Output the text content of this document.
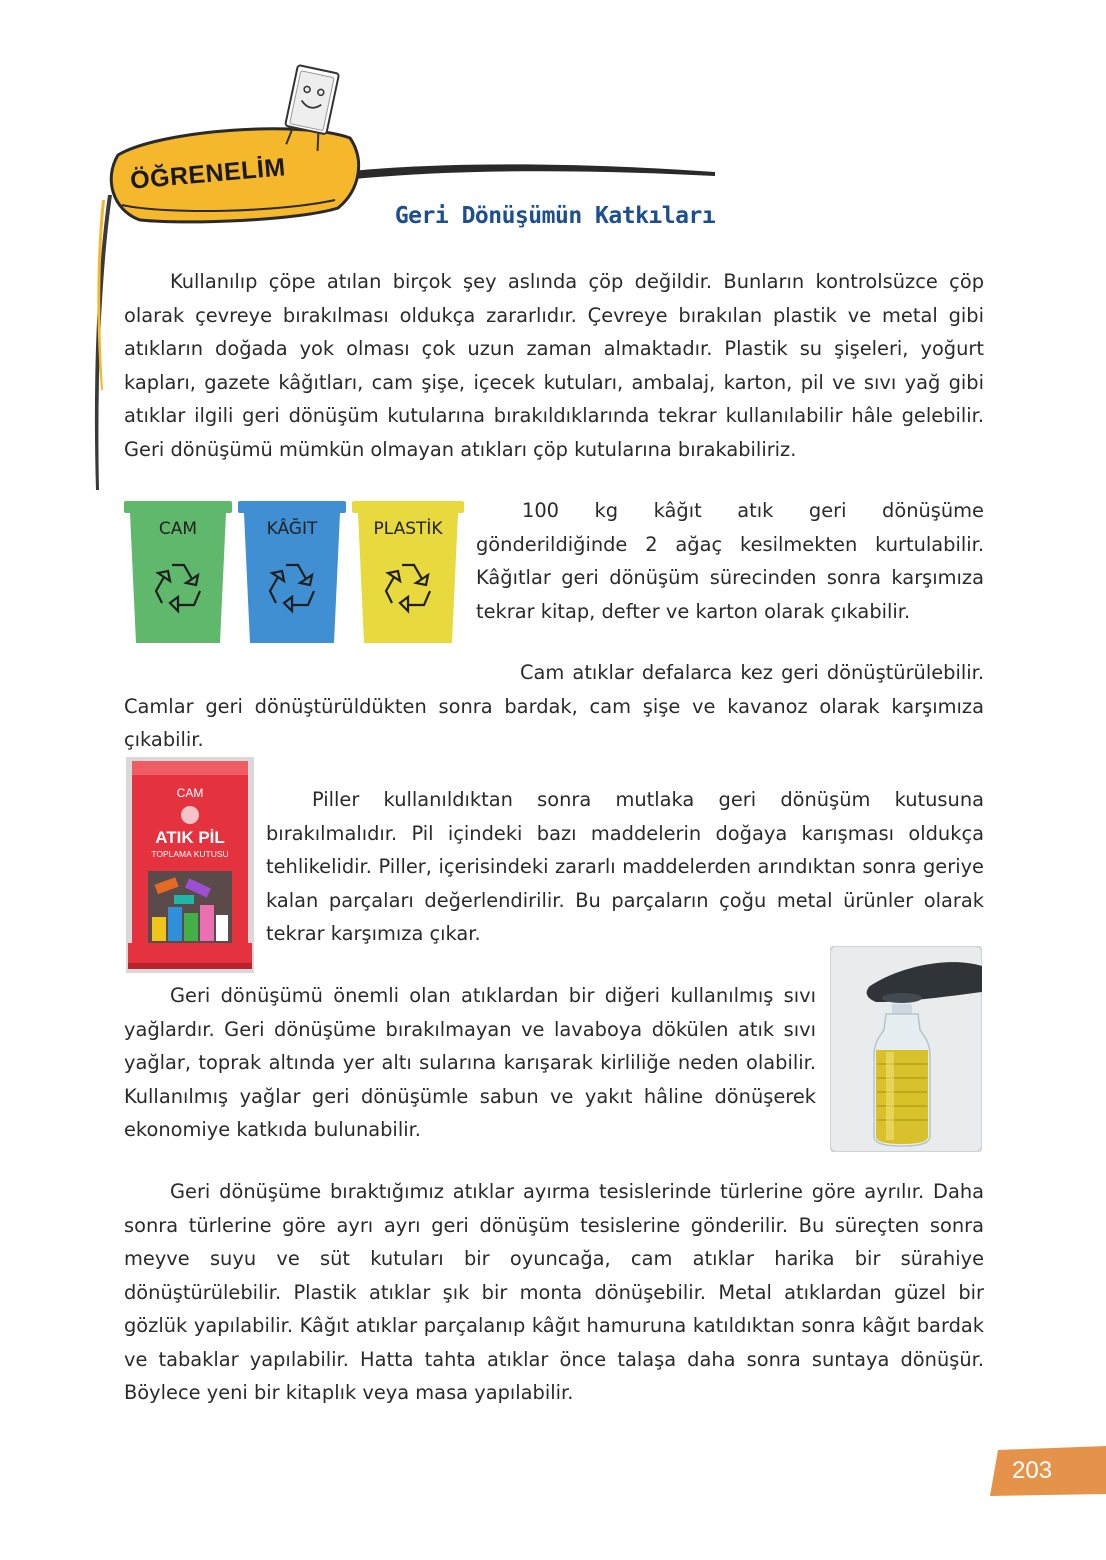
ÖĞRENELİM
Geri Dönüşümün Katkıları

Kullanılıp çöpe atılan birçok şey aslında çöp değildir. Bunların kontrolsüzce çöp olarak çevreye bırakılması oldukça zararlıdır. Çevreye bırakılan plastik ve metal gibi atıkların doğada yok olması çok uzun zaman almaktadır. Plastik su şişeleri, yoğurt kapları, gazete kâğıtları, cam şişe, içecek kutuları, ambalaj, karton, pil ve sıvı yağ gibi atıklar ilgili geri dönüşüm kutularına bırakıldıklarında tekrar kullanılabilir hâle gelebilir. Geri dönüşümü mümkün olmayan atıkları çöp kutularına bırakabiliriz.

CAM	KÂĞIT	PLASTİK

100 kg kâğıt atık geri dönüşüme gönderildiğinde 2 ağaç kesilmekten kurtulabilir. Kâğıtlar geri dönüşüm sürecinden sonra karşımıza tekrar kitap, defter ve karton olarak çıkabilir.

Cam atıklar defalarca kez geri dönüştürülebilir. Camlar geri dönüştürüldükten sonra bardak, cam şişe ve kavanoz olarak karşımıza çıkabilir.

CAM
ATIK PİL
TOPLAMA KUTUSU

Piller kullanıldıktan sonra mutlaka geri dönüşüm kutusuna bırakılmalıdır. Pil içindeki bazı maddelerin doğaya karışması oldukça tehlikelidir. Piller, içerisindeki zararlı maddelerden arındıktan sonra geriye kalan parçaları değerlendirilir. Bu parçaların çoğu metal ürünler olarak tekrar karşımıza çıkar.

Geri dönüşümü önemli olan atıklardan bir diğeri kullanılmış sıvı yağlardır. Geri dönüşüme bırakılmayan ve lavaboya dökülen atık sıvı yağlar, toprak altında yer altı sularına karışarak kirliliğe neden olabilir. Kullanılmış yağlar geri dönüşümle sabun ve yakıt hâline dönüşerek ekonomiye katkıda bulunabilir.

Geri dönüşüme bıraktığımız atıklar ayırma tesislerinde türlerine göre ayrılır. Daha sonra türlerine göre ayrı ayrı geri dönüşüm tesislerine gönderilir. Bu süreçten sonra meyve suyu ve süt kutuları bir oyuncağa, cam atıklar harika bir sürahiye dönüştürülebilir. Plastik atıklar şık bir monta dönüşebilir. Metal atıklardan güzel bir gözlük yapılabilir. Kâğıt atıklar parçalanıp kâğıt hamuruna katıldıktan sonra kâğıt bardak ve tabaklar yapılabilir. Hatta tahta atıklar önce talaşa daha sonra suntaya dönüşür. Böylece yeni bir kitaplık veya masa yapılabilir.

203
